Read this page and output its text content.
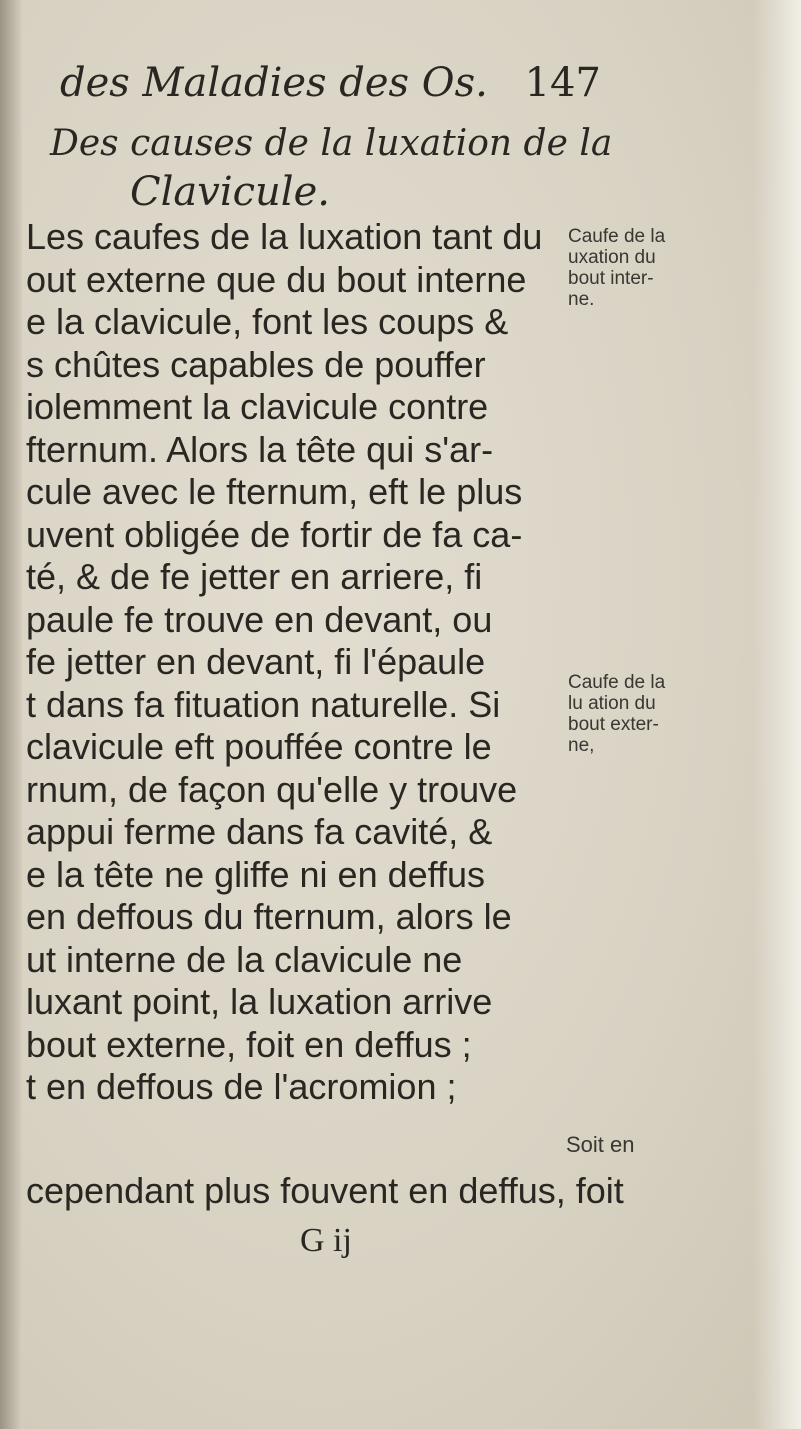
des Maladies des Os. 147
Des causes de la luxation de la
Clavicule.
Les caufes de la luxation tant du
out externe que du bout interne
e la clavicule, font les coups &
s chûtes capables de pouffer
iolemment la clavicule contre
fternum. Alors la tête qui s'ar-
cule avec le fternum, eft le plus
uvent obligée de fortir de fa ca-
té, & de fe jetter en arriere, fi
paule fe trouve en devant, ou
fe jetter en devant, fi l'épaule
t dans fa fituation naturelle. Si
clavicule eft pouffée contre le
rnum, de façon qu'elle y trouve
appui ferme dans fa cavité, &
e la tête ne gliffe ni en deffus
en deffous du fternum, alors le
ut interne de la clavicule ne
luxant point, la luxation arrive
bout externe, foit en deffus ;
t en deffous de l'acromion ;
cependant plus fouvent en deffus, foit
Caufe de la
uxation du
bout inter-
ne.
Caufe de la
lu ation du
bout exter-
ne,
Soit en
G ij
